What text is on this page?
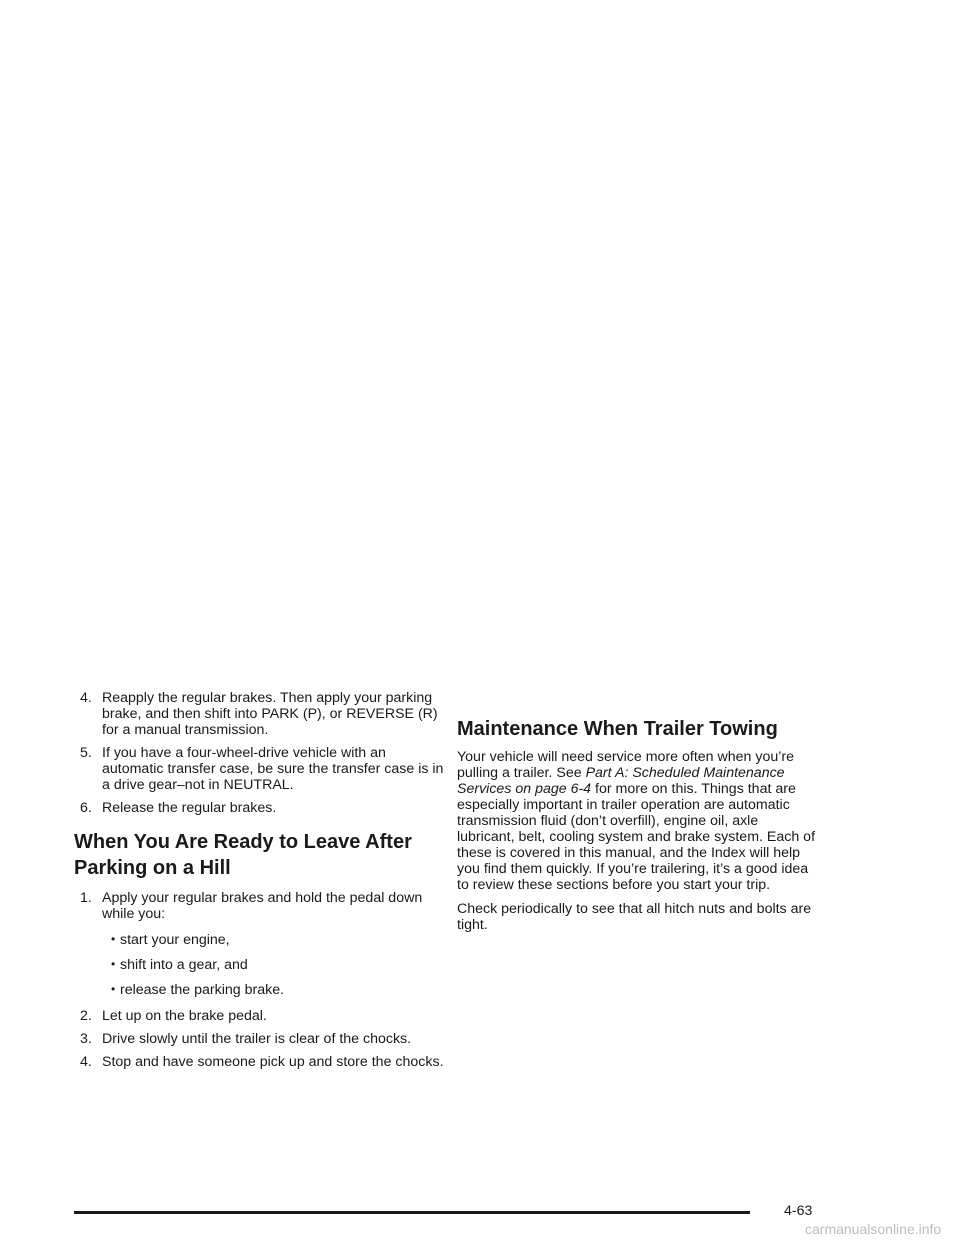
4. Reapply the regular brakes. Then apply your parking brake, and then shift into PARK (P), or REVERSE (R) for a manual transmission.
5. If you have a four-wheel-drive vehicle with an automatic transfer case, be sure the transfer case is in a drive gear–not in NEUTRAL.
6. Release the regular brakes.
When You Are Ready to Leave After Parking on a Hill
1. Apply your regular brakes and hold the pedal down while you:
• start your engine,
• shift into a gear, and
• release the parking brake.
2. Let up on the brake pedal.
3. Drive slowly until the trailer is clear of the chocks.
4. Stop and have someone pick up and store the chocks.
Maintenance When Trailer Towing

Your vehicle will need service more often when you’re pulling a trailer. See Part A: Scheduled Maintenance Services on page 6-4 for more on this. Things that are especially important in trailer operation are automatic transmission fluid (don’t overfill), engine oil, axle lubricant, belt, cooling system and brake system. Each of these is covered in this manual, and the Index will help you find them quickly. If you’re trailering, it’s a good idea to review these sections before you start your trip.

Check periodically to see that all hitch nuts and bolts are tight.

4-63
carmanualsonline.info
